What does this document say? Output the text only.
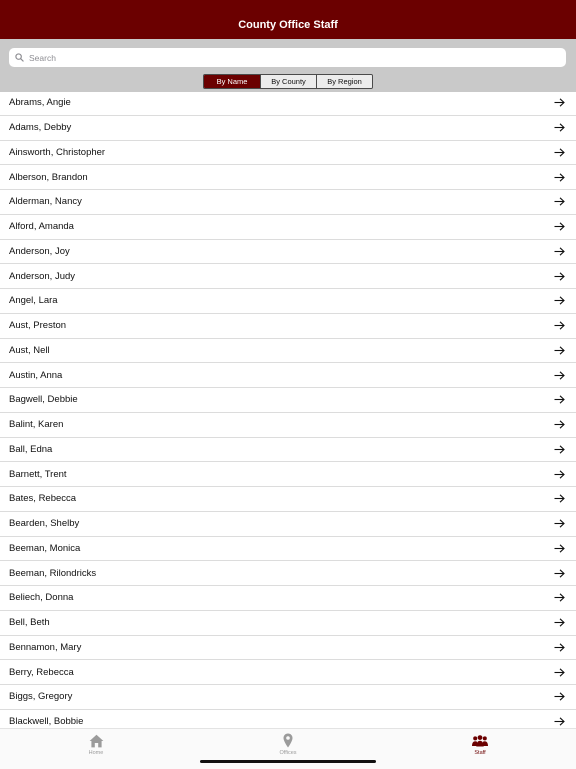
County Office Staff
Search
By Name	By County	By Region
Abrams, Angie
Adams, Debby
Ainsworth, Christopher
Alberson, Brandon
Alderman, Nancy
Alford, Amanda
Anderson, Joy
Anderson, Judy
Angel, Lara
Aust, Preston
Aust, Nell
Austin, Anna
Bagwell, Debbie
Balint, Karen
Ball, Edna
Barnett, Trent
Bates, Rebecca
Bearden, Shelby
Beeman, Monica
Beeman, Rilondricks
Beliech, Donna
Bell, Beth
Bennamon, Mary
Berry, Rebecca
Biggs, Gregory
Blackwell, Bobbie
Home	Offices	Staff
